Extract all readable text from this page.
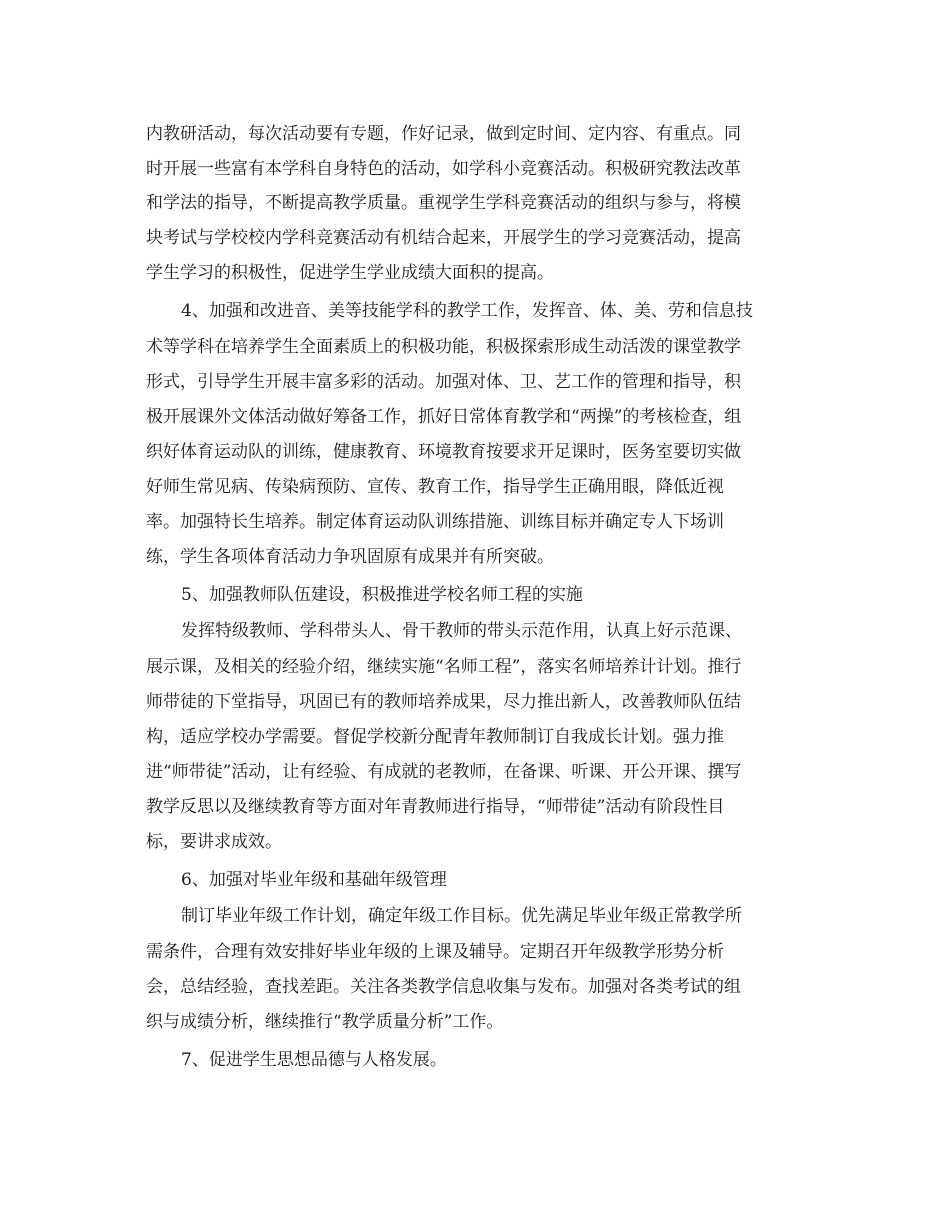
内教研活动，每次活动要有专题，作好记录，做到定时间、定内容、有重点。同

时开展一些富有本学科自身特色的活动，如学科小竞赛活动。积极研究教法改革

和学法的指导，不断提高教学质量。重视学生学科竞赛活动的组织与参与，将模

块考试与学校校内学科竞赛活动有机结合起来，开展学生的学习竞赛活动，提高

学生学习的积极性，促进学生学业成绩大面积的提高。

4、加强和改进音、美等技能学科的教学工作，发挥音、体、美、劳和信息技

术等学科在培养学生全面素质上的积极功能，积极探索形成生动活泼的课堂教学

形式，引导学生开展丰富多彩的活动。加强对体、卫、艺工作的管理和指导，积

极开展课外文体活动做好筹备工作，抓好日常体育教学和“两操”的考核检查，组

织好体育运动队的训练，健康教育、环境教育按要求开足课时，医务室要切实做

好师生常见病、传染病预防、宣传、教育工作，指导学生正确用眼，降低近视

率。加强特长生培养。制定体育运动队训练措施、训练目标并确定专人下场训

练，学生各项体育活动力争巩固原有成果并有所突破。

5、加强教师队伍建设，积极推进学校名师工程的实施

发挥特级教师、学科带头人、骨干教师的带头示范作用，认真上好示范课、

展示课，及相关的经验介绍，继续实施“名师工程”，落实名师培养计计划。推行

师带徒的下堂指导，巩固已有的教师培养成果，尽力推出新人，改善教师队伍结

构，适应学校办学需要。督促学校新分配青年教师制订自我成长计划。强力推

进“师带徒”活动，让有经验、有成就的老教师，在备课、听课、开公开课、撰写

教学反思以及继续教育等方面对年青教师进行指导，“师带徒”活动有阶段性目

标，要讲求成效。

6、加强对毕业年级和基础年级管理

制订毕业年级工作计划，确定年级工作目标。优先满足毕业年级正常教学所

需条件，合理有效安排好毕业年级的上课及辅导。定期召开年级教学形势分析

会，总结经验，查找差距。关注各类教学信息收集与发布。加强对各类考试的组

织与成绩分析，继续推行“教学质量分析”工作。

7、促进学生思想品德与人格发展。
